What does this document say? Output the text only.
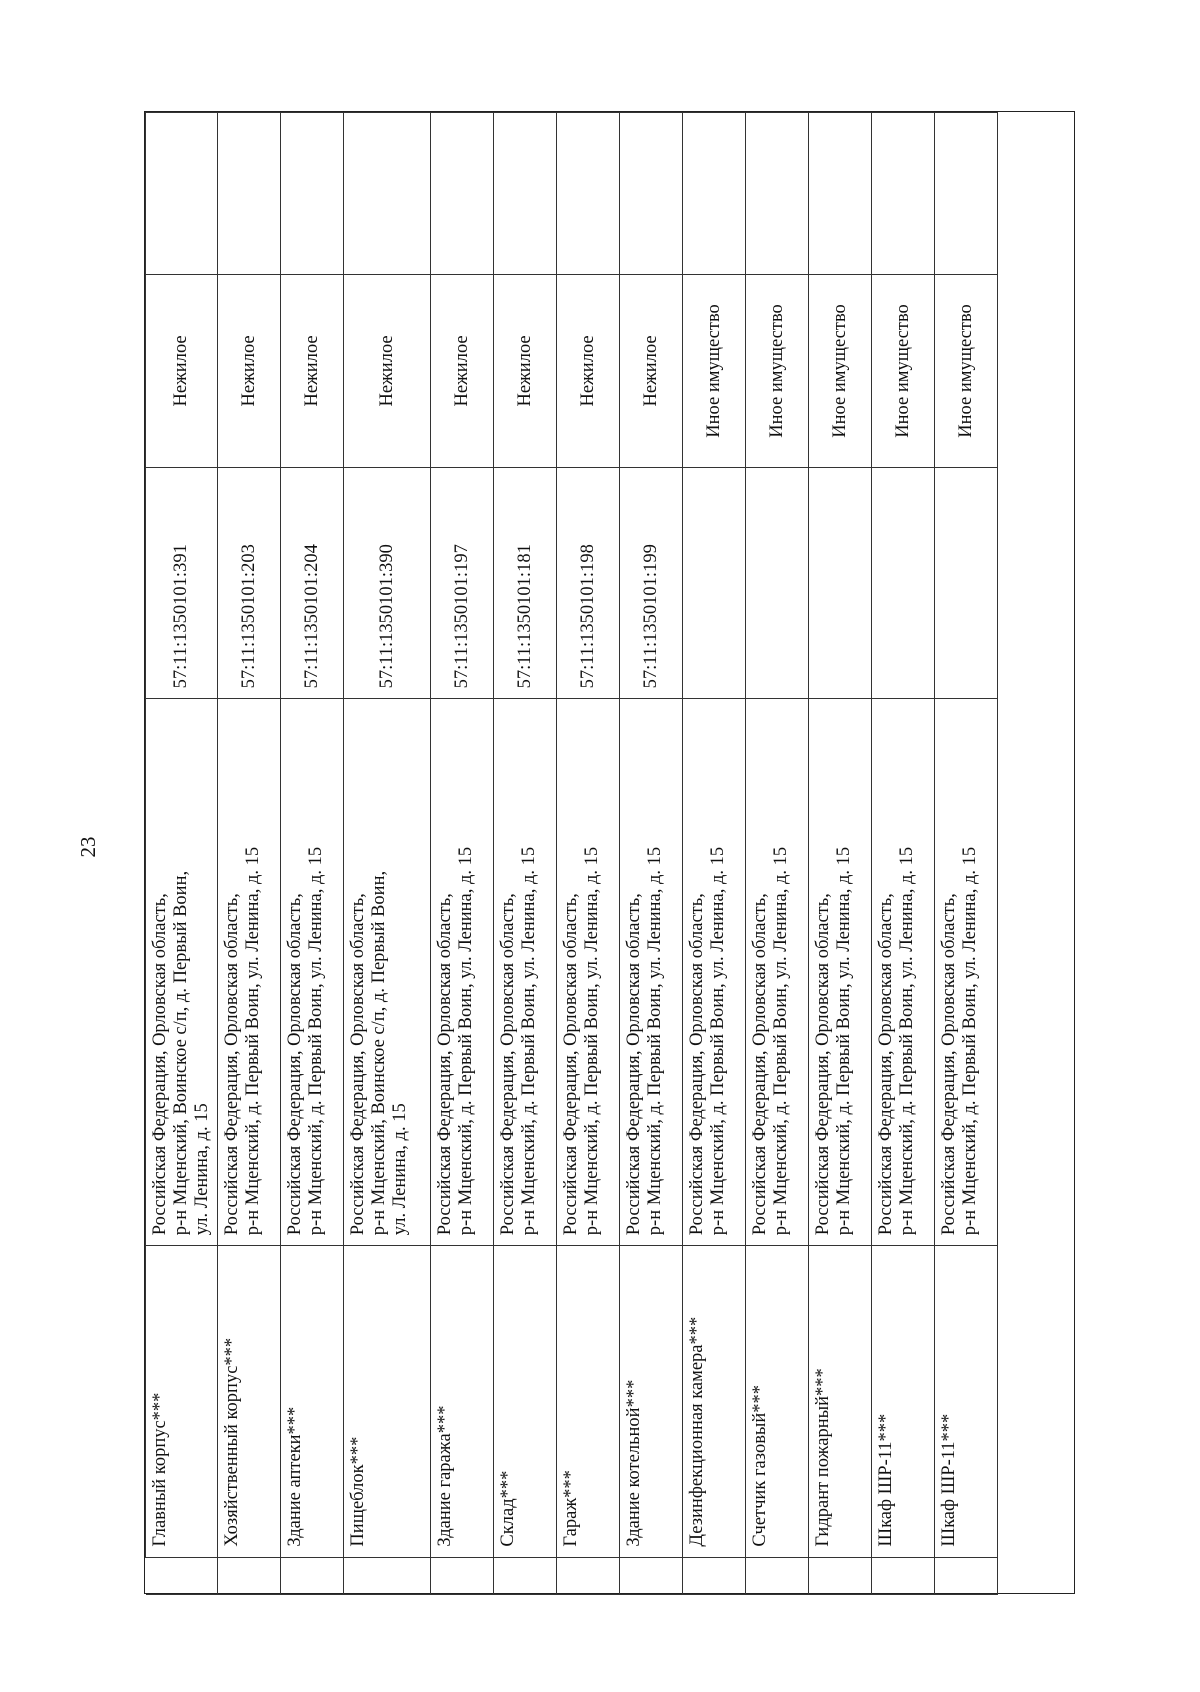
23
	Главный корпус***	Российская Федерация, Орловская область, р-н Мценский, Воинское с/п, д. Первый Воин, ул. Ленина, д. 15	57:11:1350101:391	Нежилое	
	Хозяйственный корпус***	Российская Федерация, Орловская область, р-н Мценский, д. Первый Воин, ул. Ленина, д. 15	57:11:1350101:203	Нежилое	
	Здание аптеки***	Российская Федерация, Орловская область, р-н Мценский, д. Первый Воин, ул. Ленина, д. 15	57:11:1350101:204	Нежилое	
	Пищеблок***	Российская Федерация, Орловская область, р-н Мценский, Воинское с/п, д. Первый Воин, ул. Ленина, д. 15	57:11:1350101:390	Нежилое	
	Здание гаража***	Российская Федерация, Орловская область, р-н Мценский, д. Первый Воин, ул. Ленина, д. 15	57:11:1350101:197	Нежилое	
	Склад***	Российская Федерация, Орловская область, р-н Мценский, д. Первый Воин, ул. Ленина, д. 15	57:11:1350101:181	Нежилое	
	Гараж***	Российская Федерация, Орловская область, р-н Мценский, д. Первый Воин, ул. Ленина, д. 15	57:11:1350101:198	Нежилое	
	Здание котельной***	Российская Федерация, Орловская область, р-н Мценский, д. Первый Воин, ул. Ленина, д. 15	57:11:1350101:199	Нежилое	
	Дезинфекционная камера***	Российская Федерация, Орловская область, р-н Мценский, д. Первый Воин, ул. Ленина, д. 15		Иное имущество	
	Счетчик газовый***	Российская Федерация, Орловская область, р-н Мценский, д. Первый Воин, ул. Ленина, д. 15		Иное имущество	
	Гидрант пожарный***	Российская Федерация, Орловская область, р-н Мценский, д. Первый Воин, ул. Ленина, д. 15		Иное имущество	
	Шкаф ШР-11***	Российская Федерация, Орловская область, р-н Мценский, д. Первый Воин, ул. Ленина, д. 15		Иное имущество	
	Шкаф ШР-11***	Российская Федерация, Орловская область, р-н Мценский, д. Первый Воин, ул. Ленина, д. 15		Иное имущество	
